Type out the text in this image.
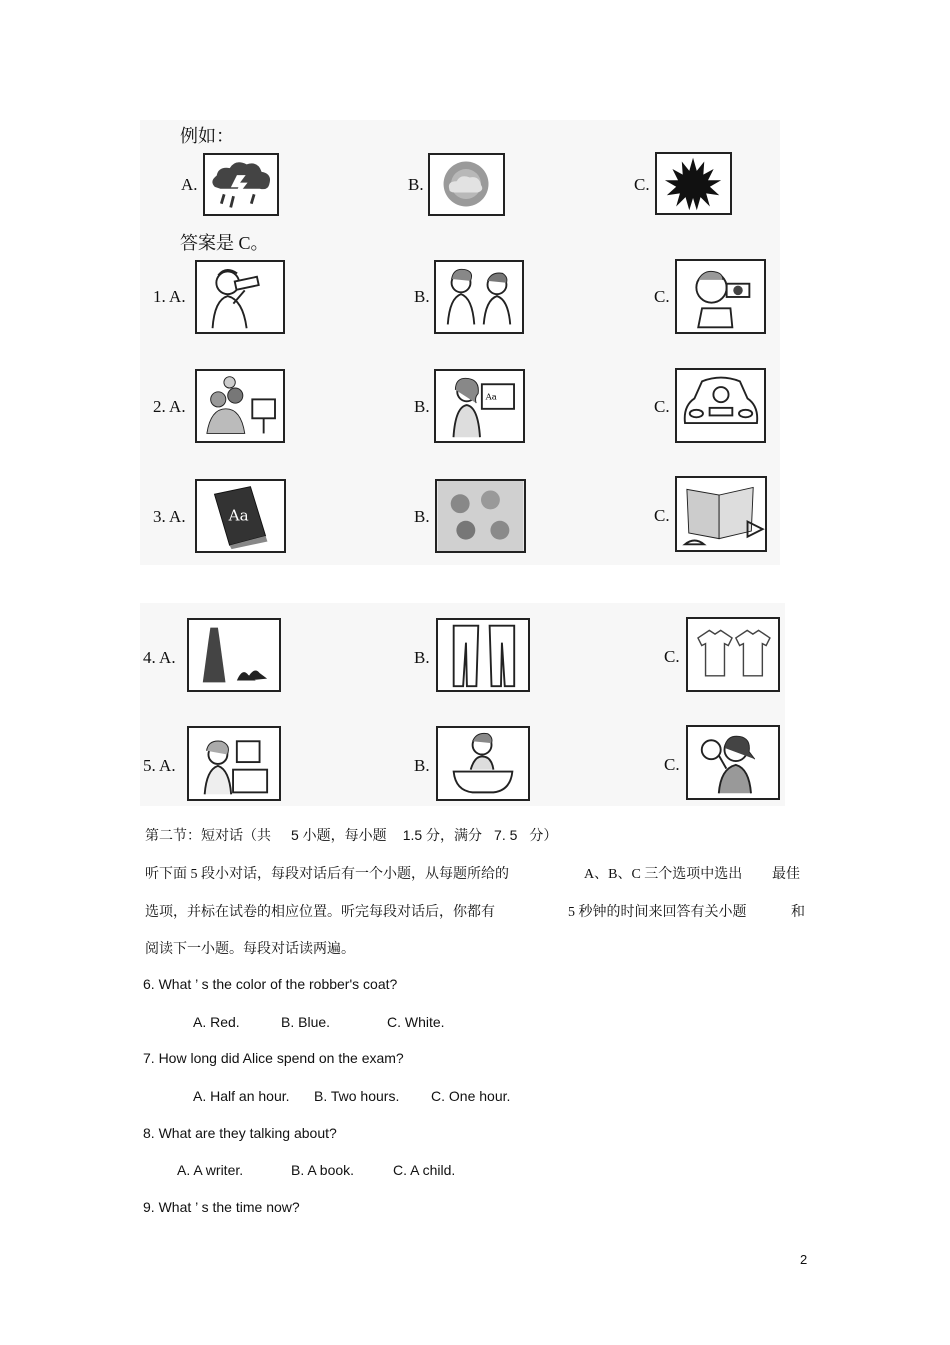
例如：
A.	B.	C.
答案是 C。
1. A.	B.	C.
2. A.	B.	Aa	C.
3. A.	Aa	B.	C.
4. A.	B.	C.
5. A.	B.	C.
第二节：短对话（共 5 小题，每小题 1.5 分，满分 7. 5 分）
听下面 5 段小对话，每段对话后有一个小题，从每题所给的	A、B、C 三个选项中选出 最佳
选项，并标在试卷的相应位置。听完每段对话后，你都有	5 秒钟的时间来回答有关小题	和
阅读下一小题。每段对话读两遍。
6. What ’ s the color of the robber's coat?
A. Red.	B. Blue.	C. White.
7. How long did Alice spend on the exam?
A. Half an hour. B. Two hours. C. One hour.
8. What are they talking about?
A. A writer.	B. A book.	C. A child.
9. What ’ s the time now?
2
